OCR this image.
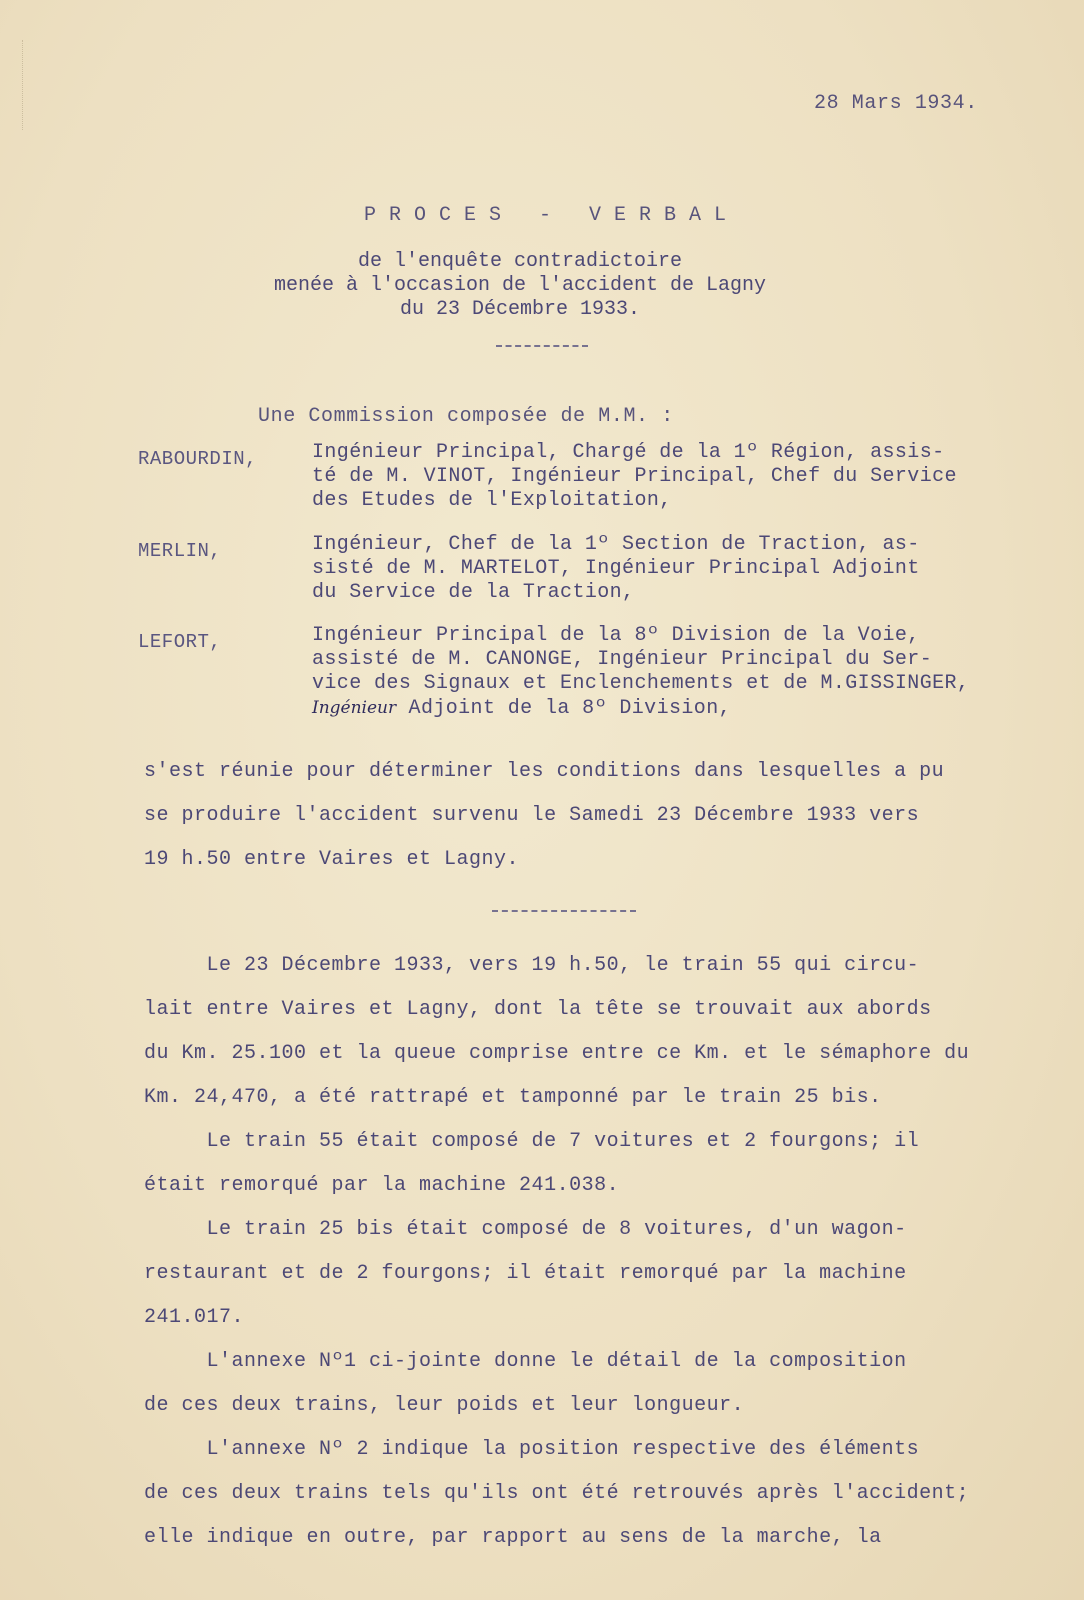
28 Mars 1934.
PROCES - VERBAL
de l'enquête contradictoire
menée à l'occasion de l'accident de Lagny
du 23 Décembre 1933.
Une Commission composée de M.M. :
RABOURDIN,	Ingénieur Principal, Chargé de la 1º Région, assis-
té de M. VINOT, Ingénieur Principal, Chef du Service
des Etudes de l'Exploitation,
MERLIN,	Ingénieur, Chef de la 1º Section de Traction, as-
sisté de M. MARTELOT, Ingénieur Principal Adjoint
du Service de la Traction,
LEFORT,	Ingénieur Principal de la 8º Division de la Voie,
assisté de M. CANONGE, Ingénieur Principal du Ser-
vice des Signaux et Enclenchements et de M.GISSINGER,
Ingénieur Adjoint de la 8º Division,
s'est réunie pour déterminer les conditions dans lesquelles a pu
se produire l'accident survenu le Samedi 23 Décembre 1933 vers
19 h.50 entre Vaires et Lagny.
Le 23 Décembre 1933, vers 19 h.50, le train 55 qui circu-
lait entre Vaires et Lagny, dont la tête se trouvait aux abords
du Km. 25.100 et la queue comprise entre ce Km. et le sémaphore du
Km. 24,470, a été rattrapé et tamponné par le train 25 bis.
Le train 55 était composé de 7 voitures et 2 fourgons; il
était remorqué par la machine 241.038.
Le train 25 bis était composé de 8 voitures, d'un wagon-
restaurant et de 2 fourgons; il était remorqué par la machine
241.017.
L'annexe Nº1 ci-jointe donne le détail de la composition
de ces deux trains, leur poids et leur longueur.
L'annexe Nº 2 indique la position respective des éléments
de ces deux trains tels qu'ils ont été retrouvés après l'accident;
elle indique en outre, par rapport au sens de la marche, la
